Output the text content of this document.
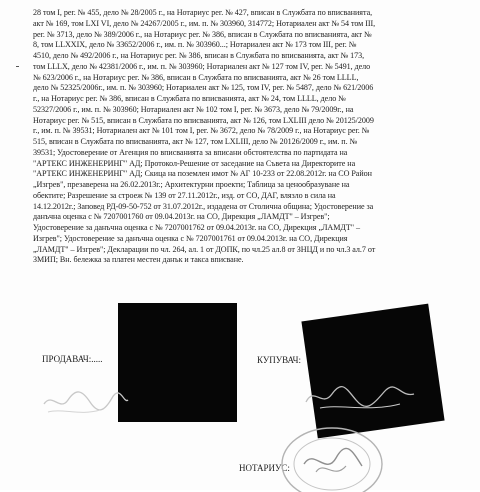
28 том I, рег. № 455, дело № 28/2005 г., на Нотариус рег. № 427, вписан в Службата по вписванията,
акт № 169, том LXI VI, дело № 24267/2005 г., им. п. № 303960, 314772; Нотариален акт № 54 том III,
рег. № 3713, дело № 389/2006 г., на Нотариус рег. № 386, вписан в Службата по вписванията, акт №
8, том LLXXIX, дело № 33652/2006 г., им. п. № 303960...; Нотариален акт № 173 том III, рег. №
4510, дело № 492/2006 г., на Нотариус рег. № 386, вписан в Службата по вписванията, акт № 173,
том LLLX, дело № 42381/2006 г., им. п. № 303960; Нотариален акт № 127 том IV, рег. № 5491, дело
№ 623/2006 г., на Нотариус рег. № 386, вписан в Службата по вписванията, акт № 26 том LLLL,
дело № 52325/2006г., им. п. № 303960; Нотариален акт № 125, том IV, рег. № 5487, дело № 621/2006
г., на Нотариус рег. № 386, вписан в Службата по вписванията, акт № 24, том LLLL, дело №
52327/2006 г., им. п. № 303960; Нотариален акт № 102 том I, рег. № 3673, дело № 79/2009г., на
Нотариус рег. № 515, вписан в Службата по вписванията, акт № 126, том LXLIII дело № 20125/2009
г., им. п. № 39531; Нотариален акт № 101 том I, рег. № 3672, дело № 78/2009 г., на Нотариус рег. №
515, вписан в Службата по вписванията, акт № 127, том LXLIII, дело № 20126/2009 г., им. п. №
39531; Удостоверение от Агенция по вписванията за вписани обстоятелства по партидата на
"АРТЕКС ИНЖЕНЕРИНГ" АД; Протокол-Решение от заседание на Съвета на Директорите на
"АРТЕКС ИНЖЕНЕРИНГ" АД; Скица на поземлен имот № АГ 10-233 от 22.08.2012г. на СО Район
„Изгрев", презаверена на 26.02.2013г.; Архитектурни проекти; Таблица за ценообразуване на
обектите; Разрешение за строеж № 139 от 27.11.2012г., изд. от СО, ДАГ, влязло в сила на
14.12.2012г.; Заповед РД-09-50-752 от 31.07.2012г., издадена от Столична община; Удостоверение за
данъчна оценка с № 7207001760 от 09.04.2013г. на СО, Дирекция „ЛАМДТ" – Изгрев";
Удостоверение за данъчна оценка с № 7207001762 от 09.04.2013г. на СО, Дирекция „ЛАМДТ" –
Изгрев"; Удостоверение за данъчна оценка с № 7207001761 от 09.04.2013г. на СО, Дирекция
„ЛАМДТ" – Изгрев"; Декларации по чл. 264, ал. 1 от ДОПК, по чл.25 ал.8 от ЗНЦД и по чл.3 ал.7 от
ЗМИП; Вн. бележка за платен местен данък и такса вписване.
ПРОДАВАЧ:.....	КУПУВАЧ:
НОТАРИУС:
